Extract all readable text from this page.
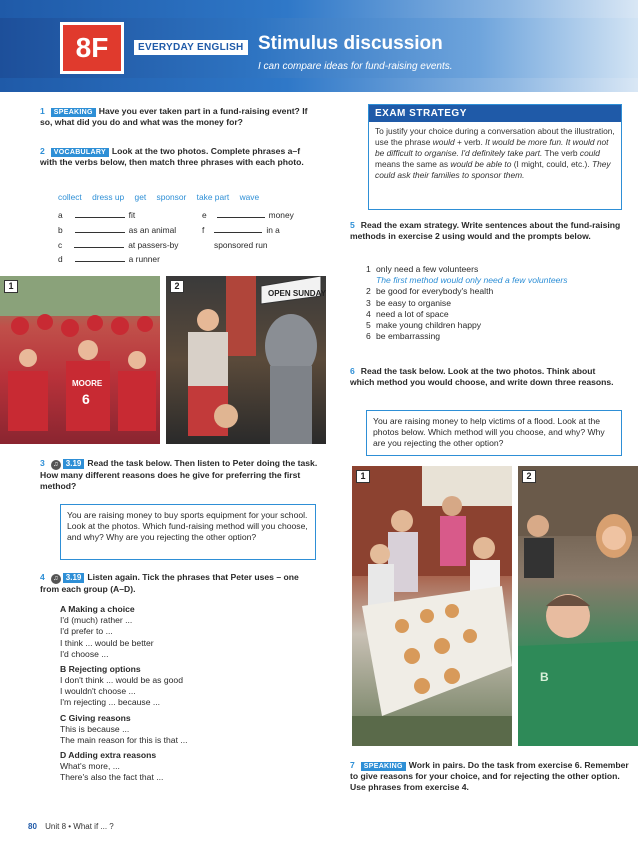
8F	EVERYDAY ENGLISH Stimulus discussion
I can compare ideas for fund-raising events.
1 SPEAKING Have you ever taken part in a fund-raising event? If so, what did you do and what was the money for?
2 VOCABULARY Look at the two photos. Complete phrases a–f with the verbs below, then match three phrases with each photo.
collect dress up get sponsor take part wave
a	fit
b	as an animal
c	at passers-by
d	a runner
e	money
f	in a
sponsored run
MOORE
6
1
OPEN SUNDAY
2
3 ♫ 3.19 Read the task below. Then listen to Peter doing the task. How many different reasons does he give for preferring the first method?
You are raising money to buy sports equipment for your school. Look at the photos. Which fund-raising method will you choose, and why? Why are you rejecting the other option?
4 ♫ 3.19 Listen again. Tick the phrases that Peter uses – one from each group (A–D).
A Making a choice
I'd (much) rather ...
I'd prefer to ...
I think ... would be better
I'd choose ...
B Rejecting options
I don't think ... would be as good
I wouldn't choose ...
I'm rejecting ... because ...
C Giving reasons
This is because ...
The main reason for this is that ...
D Adding extra reasons
What's more, ...
There's also the fact that ...
EXAM STRATEGY
To justify your choice during a conversation about the illustration, use the phrase would + verb. It would be more fun. It would not be difficult to organise. I'd definitely take part. The verb could means the same as would be able to (I might, could, etc.). They could ask their families to sponsor them.
5 Read the exam strategy. Write sentences about the fund-raising methods in exercise 2 using would and the prompts below.
1 only need a few volunteers
The first method would only need a few volunteers
2 be good for everybody's health
3 be easy to organise
4 need a lot of space
5 make young children happy
6 be embarrassing
6 Read the task below. Look at the two photos. Think about which method you would choose, and write down three reasons.
You are raising money to help victims of a flood. Look at the photos below. Which method will you choose, and why? Why are you rejecting the other option?
1
B
2
7 SPEAKING Work in pairs. Do the task from exercise 6. Remember to give reasons for your choice, and for rejecting the other option. Use phrases from exercise 4.
80 Unit 8 • What if ... ?
